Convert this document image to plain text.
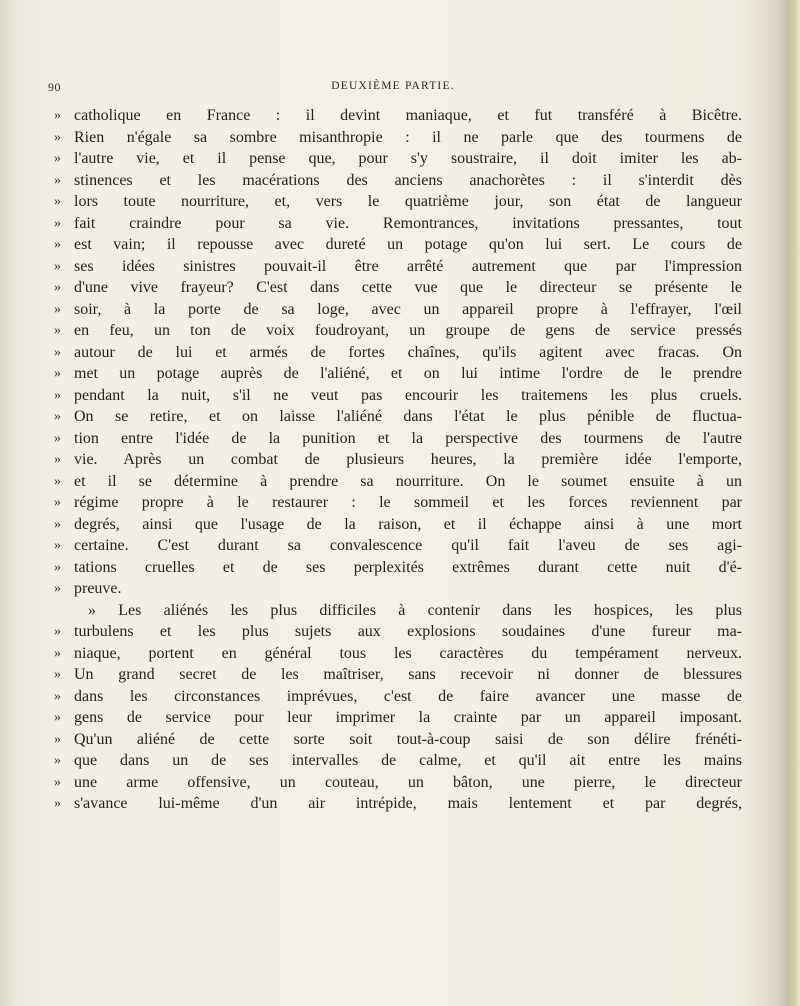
90	DEUXIÈME PARTIE.
» catholique en France : il devint maniaque, et fut transféré à Bicêtre.
» Rien n'égale sa sombre misanthropie : il ne parle que des tourmens de
» l'autre vie, et il pense que, pour s'y soustraire, il doit imiter les ab-
» stinences et les macérations des anciens anachorètes : il s'interdit dès
» lors toute nourriture, et, vers le quatrième jour, son état de langueur
» fait craindre pour sa vie. Remontrances, invitations pressantes, tout
» est vain; il repousse avec dureté un potage qu'on lui sert. Le cours de
» ses idées sinistres pouvait-il être arrêté autrement que par l'impression
» d'une vive frayeur? C'est dans cette vue que le directeur se présente le
» soir, à la porte de sa loge, avec un appareil propre à l'effrayer, l'œil
» en feu, un ton de voix foudroyant, un groupe de gens de service pressés
» autour de lui et armés de fortes chaînes, qu'ils agitent avec fracas. On
» met un potage auprès de l'aliéné, et on lui intime l'ordre de le prendre
» pendant la nuit, s'il ne veut pas encourir les traitemens les plus cruels.
» On se retire, et on laisse l'aliéné dans l'état le plus pénible de fluctua-
» tion entre l'idée de la punition et la perspective des tourmens de l'autre
» vie. Après un combat de plusieurs heures, la première idée l'emporte,
» et il se détermine à prendre sa nourriture. On le soumet ensuite à un
» régime propre à le restaurer : le sommeil et les forces reviennent par
» degrés, ainsi que l'usage de la raison, et il échappe ainsi à une mort
» certaine. C'est durant sa convalescence qu'il fait l'aveu de ses agi-
» tations cruelles et de ses perplexités extrêmes durant cette nuit d'é-
» preuve.
» Les aliénés les plus difficiles à contenir dans les hospices, les plus
» turbulens et les plus sujets aux explosions soudaines d'une fureur ma-
» niaque, portent en général tous les caractères du tempérament nerveux.
» Un grand secret de les maîtriser, sans recevoir ni donner de blessures
» dans les circonstances imprévues, c'est de faire avancer une masse de
» gens de service pour leur imprimer la crainte par un appareil imposant.
» Qu'un aliéné de cette sorte soit tout-à-coup saisi de son délire frénéti-
» que dans un de ses intervalles de calme, et qu'il ait entre les mains
» une arme offensive, un couteau, un bâton, une pierre, le directeur
» s'avance lui-même d'un air intrépide, mais lentement et par degrés,
